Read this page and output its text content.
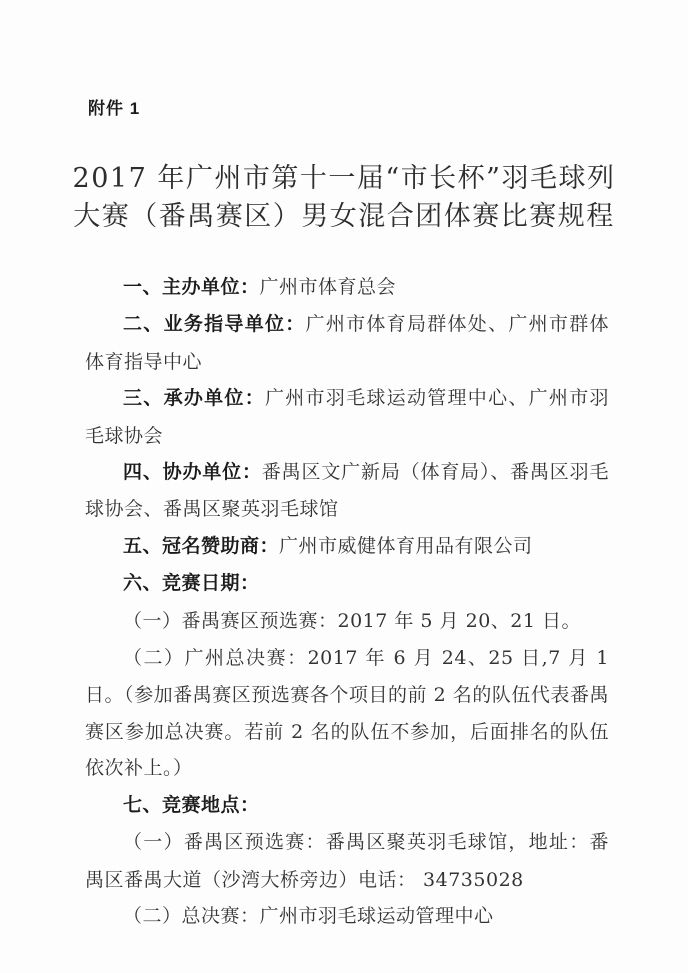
附件 1
2017 年广州市第十一届“市长杯”羽毛球列
大赛（番禺赛区）男女混合团体赛比赛规程

一、主办单位：广州市体育总会

二、业务指导单位：广州市体育局群体处、广州市群体体育指导中心

三、承办单位：广州市羽毛球运动管理中心、广州市羽毛球协会

四、协办单位：番禺区文广新局（体育局）、番禺区羽毛球协会、番禺区聚英羽毛球馆

五、冠名赞助商：广州市威健体育用品有限公司

六、竞赛日期：

（一）番禺赛区预选赛：2017 年 5 月 20、21 日。

（二）广州总决赛：2017 年 6 月 24、25 日,7 月 1 日。（参加番禺赛区预选赛各个项目的前 2 名的队伍代表番禺赛区参加总决赛。若前 2 名的队伍不参加，后面排名的队伍依次补上。）

七、竞赛地点：

（一）番禺区预选赛：番禺区聚英羽毛球馆，地址：番禺区番禺大道（沙湾大桥旁边）电话： 34735028

（二）总决赛：广州市羽毛球运动管理中心
